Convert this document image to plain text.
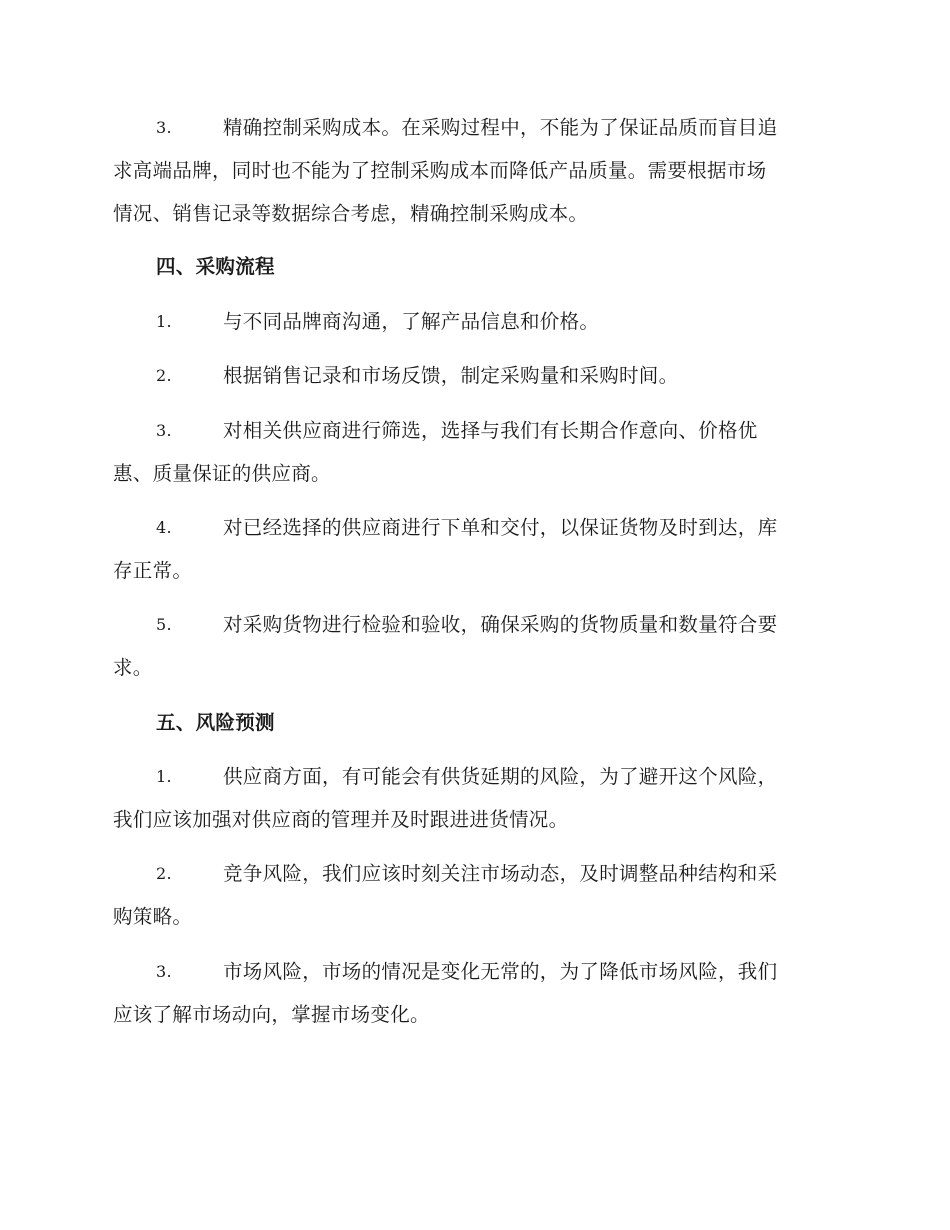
3.	精确控制采购成本。在采购过程中，不能为了保证品质而盲目追
求高端品牌，同时也不能为了控制采购成本而降低产品质量。需要根据市场
情况、销售记录等数据综合考虑，精确控制采购成本。
四、采购流程
1.	与不同品牌商沟通，了解产品信息和价格。
2.	根据销售记录和市场反馈，制定采购量和采购时间。
3.	对相关供应商进行筛选，选择与我们有长期合作意向、价格优
惠、质量保证的供应商。
4.	对已经选择的供应商进行下单和交付，以保证货物及时到达，库
存正常。
5.	对采购货物进行检验和验收，确保采购的货物质量和数量符合要
求。
五、风险预测
1.	供应商方面，有可能会有供货延期的风险，为了避开这个风险，
我们应该加强对供应商的管理并及时跟进进货情况。
2.	竞争风险，我们应该时刻关注市场动态，及时调整品种结构和采
购策略。
3.	市场风险，市场的情况是变化无常的，为了降低市场风险，我们
应该了解市场动向，掌握市场变化。
